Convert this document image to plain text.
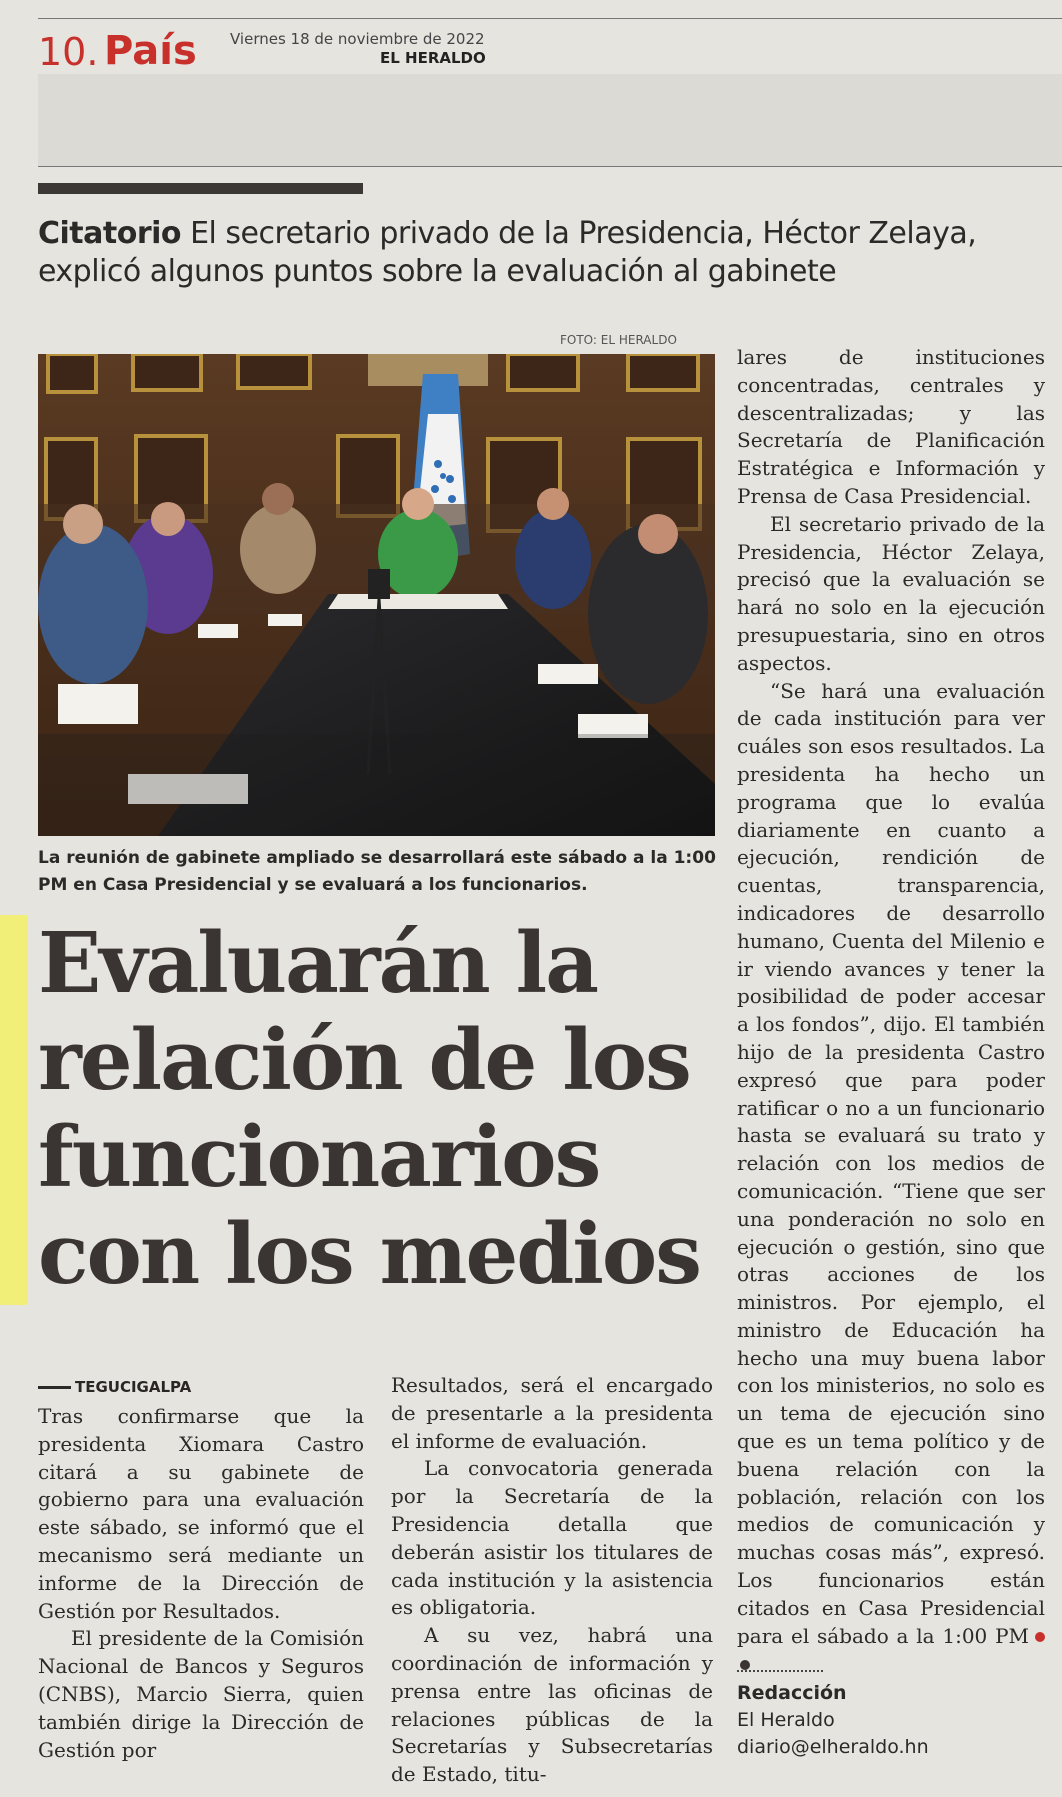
10. País Viernes 18 de noviembre de 2022
EL HERALDO
Citatorio El secretario privado de la Presidencia, Héctor Zelaya, explicó algunos puntos sobre la evaluación al gabinete
FOTO: EL HERALDO
La reunión de gabinete ampliado se desarrollará este sábado a la 1:00 PM en Casa Presidencial y se evaluará a los funcionarios.
Evaluarán la relación de los funcionarios con los medios
TEGUCIGALPA

Tras confirmarse que la presidenta Xiomara Castro citará a su gabinete de gobierno para una evaluación este sábado, se informó que el mecanismo será mediante un informe de la Dirección de Gestión por Resultados.

El presidente de la Comisión Nacional de Bancos y Seguros (CNBS), Marcio Sierra, quien también dirige la Dirección de Gestión por

Resultados, será el encargado de presentarle a la presidenta el informe de evaluación.

La convocatoria generada por la Secretaría de la Presidencia detalla que deberán asistir los titulares de cada institución y la asistencia es obligatoria.

A su vez, habrá una coordinación de información y prensa entre las oficinas de relaciones públicas de la Secretarías y Subsecretarías de Estado, titu-

lares de instituciones concentradas, centrales y descentralizadas; y las Secretaría de Planificación Estratégica e Información y Prensa de Casa Presidencial.

El secretario privado de la Presidencia, Héctor Zelaya, precisó que la evaluación se hará no solo en la ejecución presupuestaria, sino en otros aspectos.

“Se hará una evaluación de cada institución para ver cuáles son esos resultados. La presidenta ha hecho un programa que lo evalúa diariamente en cuanto a ejecución, rendición de cuentas, transparencia, indicadores de desarrollo humano, Cuenta del Milenio e ir viendo avances y tener la posibilidad de poder accesar a los fondos”, dijo. El también hijo de la presidenta Castro expresó que para poder ratificar o no a un funcionario hasta se evaluará su trato y relación con los medios de comunicación. “Tiene que ser una ponderación no solo en ejecución o gestión, sino que otras acciones de los ministros. Por ejemplo, el ministro de Educación ha hecho una muy buena labor con los ministerios, no solo es un tema de ejecución sino que es un tema político y de buena relación con la población, relación con los medios de comunicación y muchas cosas más”, expresó. Los funcionarios están citados en Casa Presidencial para el sábado a la 1:00 PM

Redacción
El Heraldo
diario@elheraldo.hn
